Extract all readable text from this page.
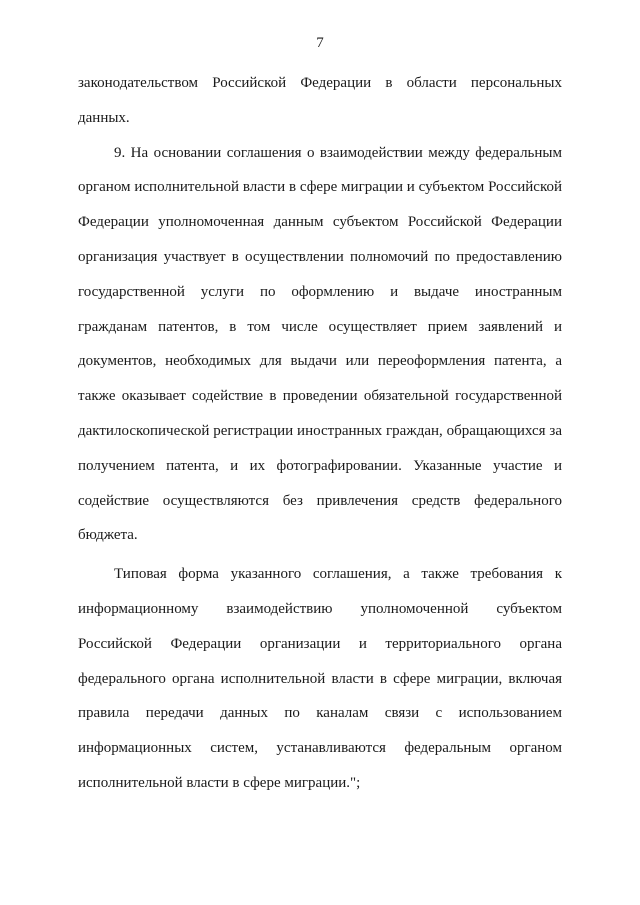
7

законодательством Российской Федерации в области персональных данных.

9. На основании соглашения о взаимодействии между федеральным органом исполнительной власти в сфере миграции и субъектом Российской Федерации уполномоченная данным субъектом Российской Федерации организация участвует в осуществлении полномочий по предоставлению государственной услуги по оформлению и выдаче иностранным гражданам патентов, в том числе осуществляет прием заявлений и документов, необходимых для выдачи или переоформления патента, а также оказывает содействие в проведении обязательной государственной дактилоскопической регистрации иностранных граждан, обращающихся за получением патента, и их фотографировании. Указанные участие и содействие осуществляются без привлечения средств федерального бюджета.

Типовая форма указанного соглашения, а также требования к информационному взаимодействию уполномоченной субъектом Российской Федерации организации и территориального органа федерального органа исполнительной власти в сфере миграции, включая правила передачи данных по каналам связи с использованием информационных систем, устанавливаются федеральным органом исполнительной власти в сфере миграции.";
